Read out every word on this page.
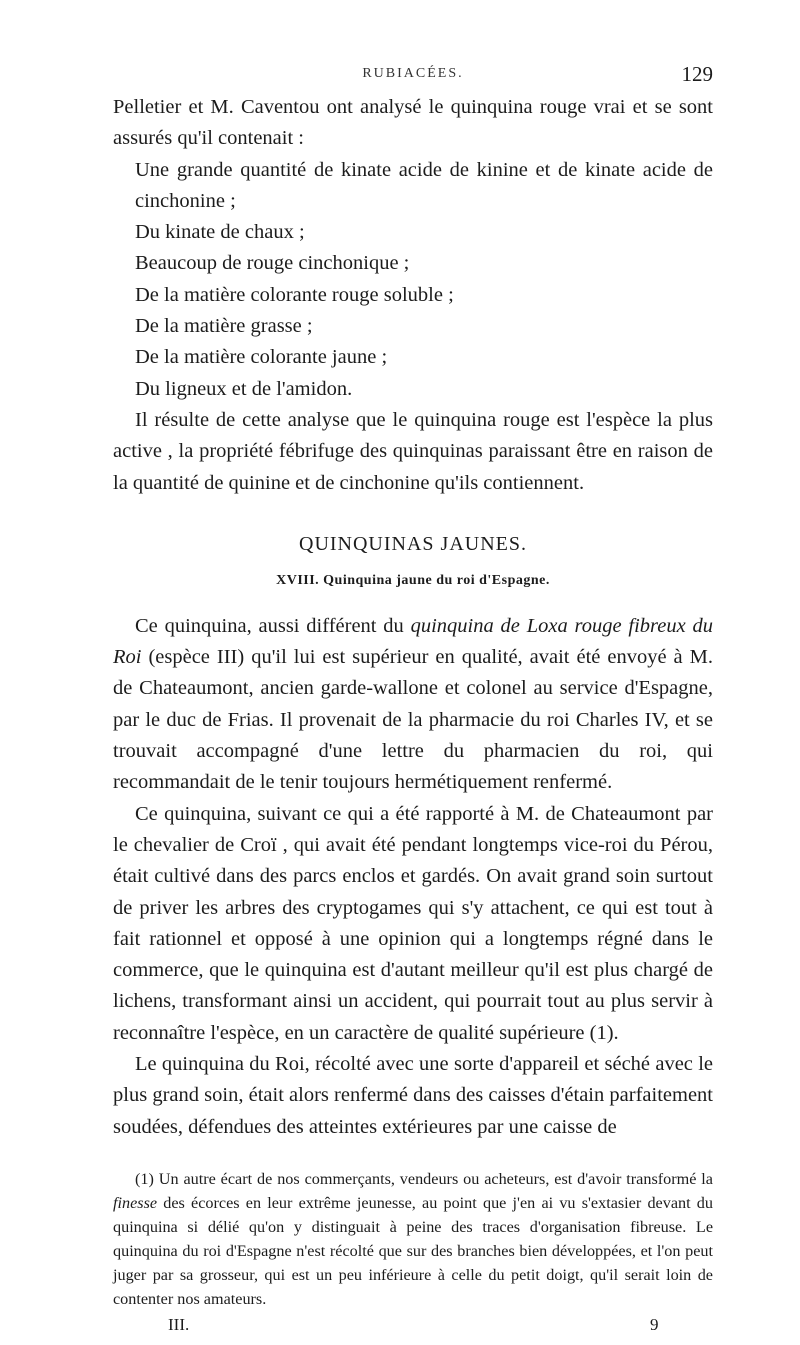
RUBIACÉES.	129

Pelletier et M. Caventou ont analysé le quinquina rouge vrai et se sont assurés qu'il contenait :

Une grande quantité de kinate acide de kinine et de kinate acide de cinchonine ;

Du kinate de chaux ;

Beaucoup de rouge cinchonique ;

De la matière colorante rouge soluble ;

De la matière grasse ;

De la matière colorante jaune ;

Du ligneux et de l'amidon.

Il résulte de cette analyse que le quinquina rouge est l'espèce la plus active , la propriété fébrifuge des quinquinas paraissant être en raison de la quantité de quinine et de cinchonine qu'ils contiennent.

QUINQUINAS JAUNES.
XVIII. Quinquina jaune du roi d'Espagne.

Ce quinquina, aussi différent du quinquina de Loxa rouge fibreux du Roi (espèce III) qu'il lui est supérieur en qualité, avait été envoyé à M. de Chateaumont, ancien garde-wallone et colonel au service d'Espagne, par le duc de Frias. Il provenait de la pharmacie du roi Charles IV, et se trouvait accompagné d'une lettre du pharmacien du roi, qui recommandait de le tenir toujours hermétiquement renfermé.

Ce quinquina, suivant ce qui a été rapporté à M. de Chateaumont par le chevalier de Croï , qui avait été pendant longtemps vice-roi du Pérou, était cultivé dans des parcs enclos et gardés. On avait grand soin surtout de priver les arbres des cryptogames qui s'y attachent, ce qui est tout à fait rationnel et opposé à une opinion qui a longtemps régné dans le commerce, que le quinquina est d'autant meilleur qu'il est plus chargé de lichens, transformant ainsi un accident, qui pourrait tout au plus servir à reconnaître l'espèce, en un caractère de qualité supérieure (1).

Le quinquina du Roi, récolté avec une sorte d'appareil et séché avec le plus grand soin, était alors renfermé dans des caisses d'étain parfaitement soudées, défendues des atteintes extérieures par une caisse de

(1) Un autre écart de nos commerçants, vendeurs ou acheteurs, est d'avoir transformé la finesse des écorces en leur extrême jeunesse, au point que j'en ai vu s'extasier devant du quinquina si délié qu'on y distinguait à peine des traces d'organisation fibreuse. Le quinquina du roi d'Espagne n'est récolté que sur des branches bien développées, et l'on peut juger par sa grosseur, qui est un peu inférieure à celle du petit doigt, qu'il serait loin de contenter nos amateurs.

III.	9
